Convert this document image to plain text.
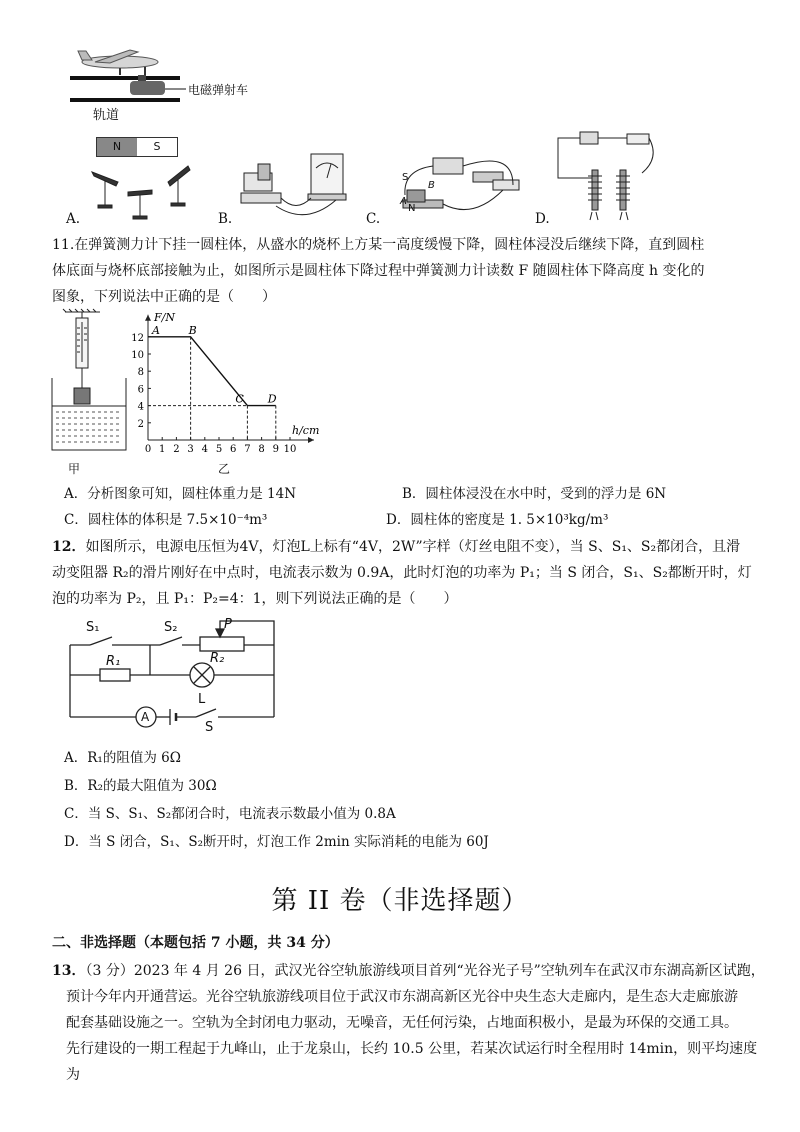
电磁弹射车
轨道
N	S
A.	B.
S
B
N
A
C.	D.
11.在弹簧测力计下挂一圆柱体，从盛水的烧杯上方某一高度缓慢下降，圆柱体浸没后继续下降，直到圆柱
体底面与烧杯底部接触为止，如图所示是圆柱体下降过程中弹簧测力计读数 F 随圆柱体下降高度 h 变化的
图象，下列说法中正确的是（　　）
甲
F/N
h/cm
0 1 2 3 4 5 6 7 8 9 10
2
4
6
8
10
12
A	B
C D
乙
A．分析图象可知，圆柱体重力是 14N	B．圆柱体浸没在水中时，受到的浮力是 6N
C．圆柱体的体积是 7.5×10⁻⁴m³	D．圆柱体的密度是 1. 5×10³kg/m³
12．如图所示，电源电压恒为4V，灯泡L上标有“4V，2W”字样（灯丝电阻不变），当 S、S₁、S₂都闭合，且滑
动变阻器 R₂的滑片刚好在中点时，电流表示数为 0.9A，此时灯泡的功率为 P₁；当 S 闭合，S₁、S₂都断开时，灯
泡的功率为 P₂，且 P₁：P₂=4：1，则下列说法正确的是（　　）
S₁	S₂	P
R₁	R₂
L
A
S
A．R₁的阻值为 6Ω
B．R₂的最大阻值为 30Ω
C．当 S、S₁、S₂都闭合时，电流表示数最小值为 0.8A
D．当 S 闭合，S₁、S₂断开时，灯泡工作 2min 实际消耗的电能为 60J
第 II 卷（非选择题）
二、非选择题（本题包括 7 小题，共 34 分）
13．（3 分）2023 年 4 月 26 日，武汉光谷空轨旅游线项目首列“光谷光子号”空轨列车在武汉市东湖高新区试跑，
预计今年内开通营运。光谷空轨旅游线项目位于武汉市东湖高新区光谷中央生态大走廊内，是生态大走廊旅游
配套基础设施之一。空轨为全封闭电力驱动，无噪音，无任何污染，占地面积极小，是最为环保的交通工具。
先行建设的一期工程起于九峰山，止于龙泉山，长约 10.5 公里，若某次试运行时全程用时 14min，则平均速度
为
